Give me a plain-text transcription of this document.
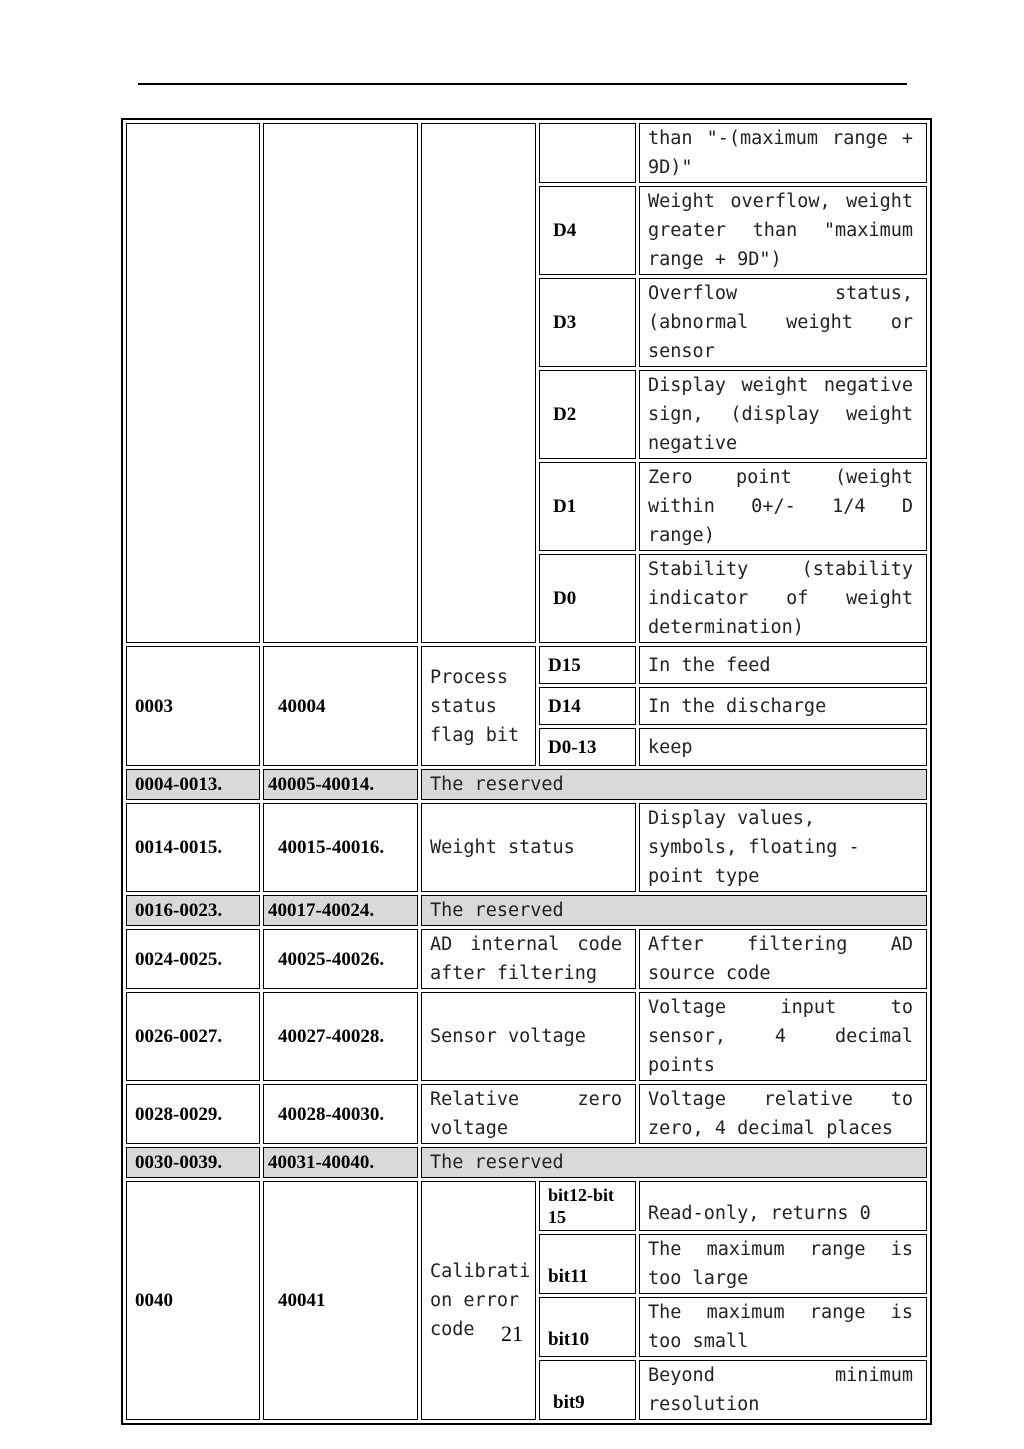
				than "-(maximum range + 9D)"
			D4	Weight overflow, weight greater than "maximum range + 9D")
			D3	Overflow status, (abnormal weight or sensor
			D2	Display weight negative sign, (display weight negative
			D1	Zero point (weight within 0+/- 1/4 D range)
			D0	Stability (stability indicator of weight determination)
0003	40004	Process status flag bit	D15	In the feed
			D14	In the discharge
			D0-13	keep
0004-0013.	40005-40014.	The reserved		
0014-0015.	40015-40016.	Weight status		Display values, symbols, floating - point type
0016-0023.	40017-40024.	The reserved		
0024-0025.	40025-40026.	AD internal code after filtering		After filtering AD source code
0026-0027.	40027-40028.	Sensor voltage		Voltage input to sensor, 4 decimal points
0028-0029.	40028-40030.	Relative zero voltage		Voltage relative to zero, 4 decimal places
0030-0039.	40031-40040.	The reserved		
0040	40041	Calibration error code	bit12-bit 15	Read-only, returns 0
			bit11	The maximum range is too large
			bit10	The maximum range is too small
			bit9	Beyond minimum resolution
21
